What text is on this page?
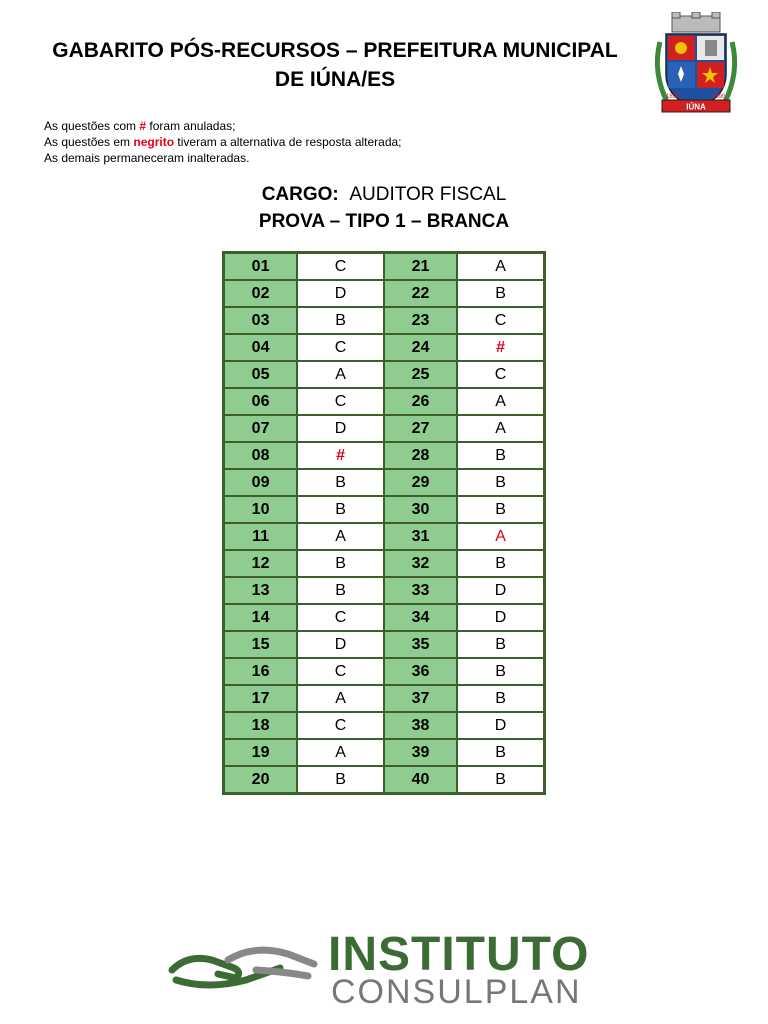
GABARITO PÓS-RECURSOS – PREFEITURA MUNICIPAL
DE IÚNA/ES
IÚNA
1890	1890
As questões com # foram anuladas;
As questões em negrito tiveram a alternativa de resposta alterada;
As demais permaneceram inalteradas.
CARGO: AUDITOR FISCAL
PROVA – TIPO 1 – BRANCA
01	C	21	A
02	D	22	B
03	B	23	C
04	C	24	#
05	A	25	C
06	C	26	A
07	D	27	A
08	#	28	B
09	B	29	B
10	B	30	B
11	A	31	A
12	B	32	B
13	B	33	D
14	C	34	D
15	D	35	B
16	C	36	B
17	A	37	B
18	C	38	D
19	A	39	B
20	B	40	B
INSTITUTO
CONSULPLAN
